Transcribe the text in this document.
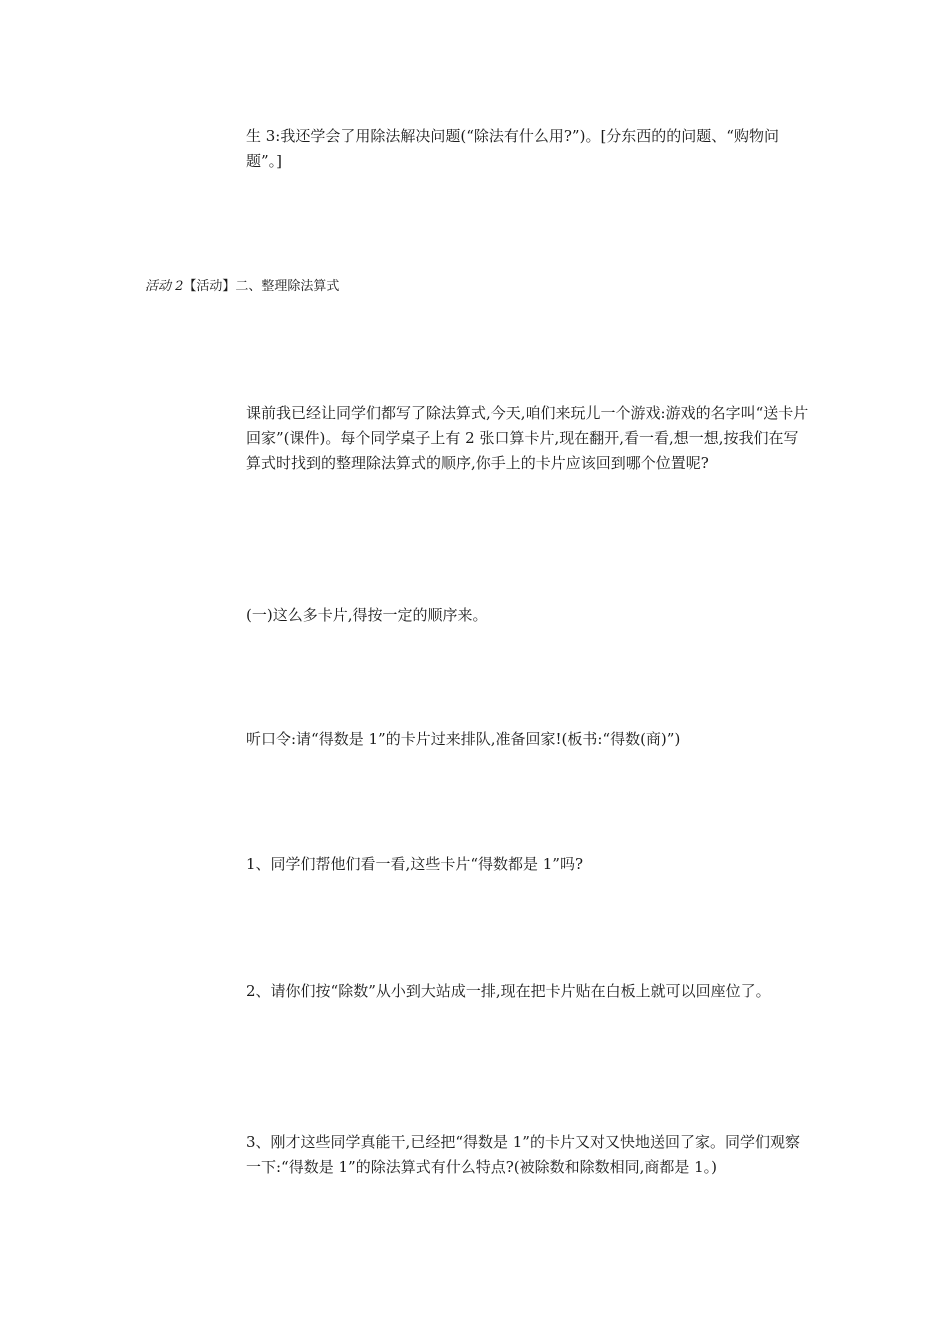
生 3:我还学会了用除法解决问题(“除法有什么用?”)。[分东西的的问题、“购物问题”。]

活动 2【活动】二、整理除法算式

课前我已经让同学们都写了除法算式,今天,咱们来玩儿一个游戏:游戏的名字叫“送卡片回家”(课件)。每个同学桌子上有 2 张口算卡片,现在翻开,看一看,想一想,按我们在写算式时找到的整理除法算式的顺序,你手上的卡片应该回到哪个位置呢?

(一)这么多卡片,得按一定的顺序来。

听口令:请“得数是 1”的卡片过来排队,准备回家!(板书:“得数(商)”)

1、同学们帮他们看一看,这些卡片“得数都是 1”吗?

2、请你们按“除数”从小到大站成一排,现在把卡片贴在白板上就可以回座位了。

3、刚才这些同学真能干,已经把“得数是 1”的卡片又对又快地送回了家。同学们观察一下:“得数是 1”的除法算式有什么特点?(被除数和除数相同,商都是 1。)
